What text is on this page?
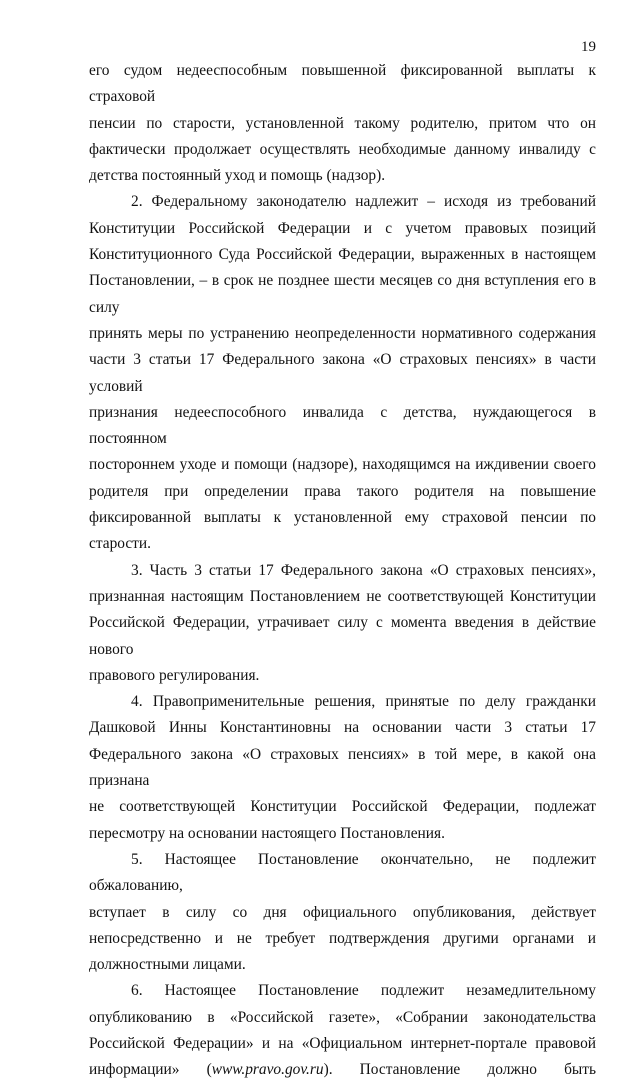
19

его судом недееспособным повышенной фиксированной выплаты к страховой

пенсии по старости, установленной такому родителю, притом что он

фактически продолжает осуществлять необходимые данному инвалиду с

детства постоянный уход и помощь (надзор).

2. Федеральному законодателю надлежит – исходя из требований

Конституции Российской Федерации и с учетом правовых позиций

Конституционного Суда Российской Федерации, выраженных в настоящем

Постановлении, – в срок не позднее шести месяцев со дня вступления его в силу

принять меры по устранению неопределенности нормативного содержания

части 3 статьи 17 Федерального закона «О страховых пенсиях» в части условий

признания недееспособного инвалида с детства, нуждающегося в постоянном

постороннем уходе и помощи (надзоре), находящимся на иждивении своего

родителя при определении права такого родителя на повышение

фиксированной выплаты к установленной ему страховой пенсии по старости.

3. Часть 3 статьи 17 Федерального закона «О страховых пенсиях»,

признанная настоящим Постановлением не соответствующей Конституции

Российской Федерации, утрачивает силу с момента введения в действие нового

правового регулирования.

4. Правоприменительные решения, принятые по делу гражданки

Дашковой Инны Константиновны на основании части 3 статьи 17

Федерального закона «О страховых пенсиях» в той мере, в какой она признана

не соответствующей Конституции Российской Федерации, подлежат

пересмотру на основании настоящего Постановления.

5. Настоящее Постановление окончательно, не подлежит обжалованию,

вступает в силу со дня официального опубликования, действует

непосредственно и не требует подтверждения другими органами и

должностными лицами.

6. Настоящее Постановление подлежит незамедлительному

опубликованию в «Российской газете», «Собрании законодательства

Российской Федерации» и на «Официальном интернет-портале правовой

информации» (www.pravo.gov.ru). Постановление должно быть
